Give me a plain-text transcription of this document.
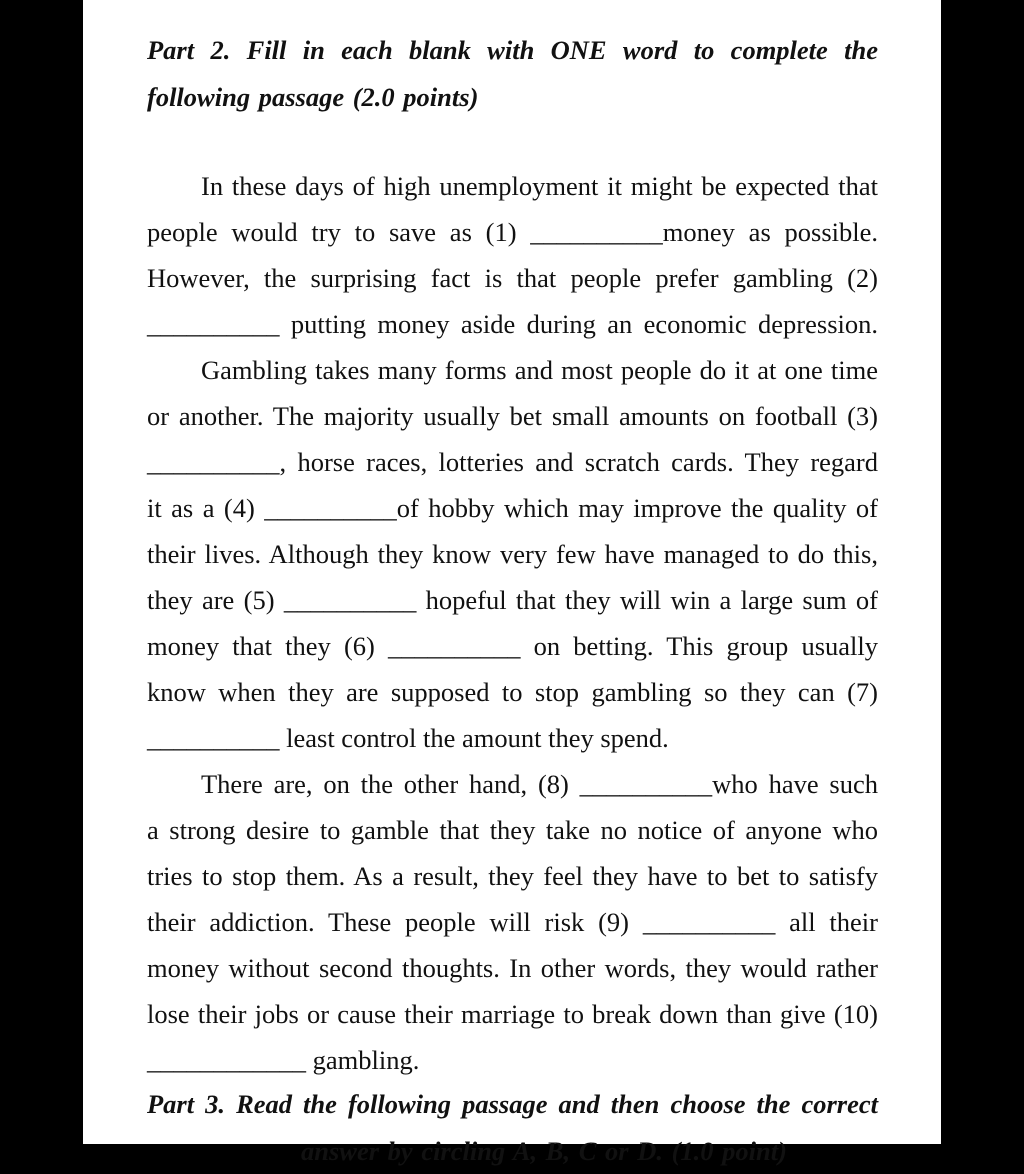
Part 2. Fill in each blank with ONE word to complete the
following passage (2.0 points)
In these days of high unemployment it might be expected that
people would try to save as (1) __________money as possible.
However, the surprising fact is that people prefer gambling (2)
__________ putting money aside during an economic depression.
Gambling takes many forms and most people do it at one time
or another. The majority usually bet small amounts on football (3)
__________, horse races, lotteries and scratch cards. They regard
it as a (4) __________of hobby which may improve the quality of
their lives. Although they know very few have managed to do this,
they are (5) __________ hopeful that they will win a large sum of
money that they (6) __________ on betting. This group usually
know when they are supposed to stop gambling so they can (7)
__________ least control the amount they spend.
There are, on the other hand, (8) __________who have such
a strong desire to gamble that they take no notice of anyone who
tries to stop them. As a result, they feel they have to bet to satisfy
their addiction. These people will risk (9) __________ all their
money without second thoughts. In other words, they would rather
lose their jobs or cause their marriage to break down than give (10)
____________ gambling.
Part 3. Read the following passage and then choose the correct
answer by circling A, B, C or D. (1.0 point)
